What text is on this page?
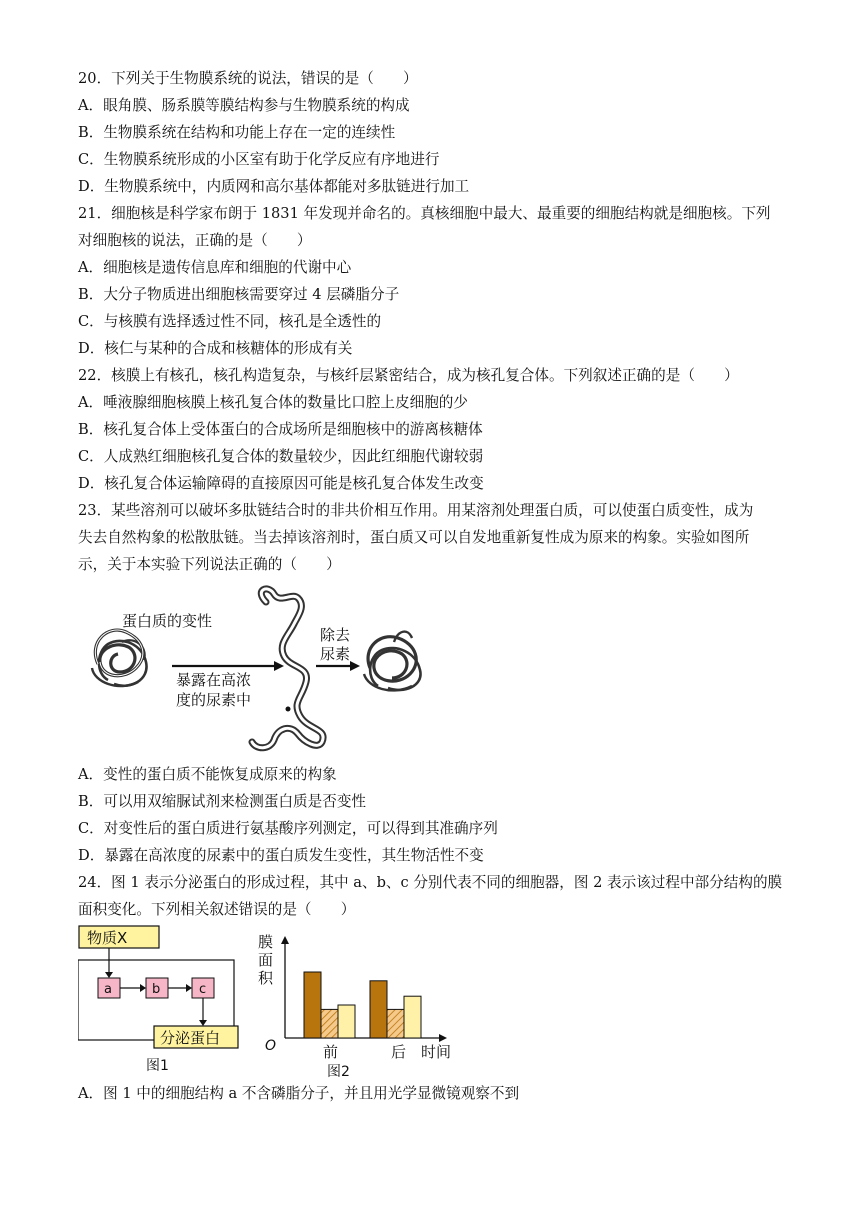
20．下列关于生物膜系统的说法，错误的是（　　）
A．眼角膜、肠系膜等膜结构参与生物膜系统的构成
B．生物膜系统在结构和功能上存在一定的连续性
C．生物膜系统形成的小区室有助于化学反应有序地进行
D．生物膜系统中，内质网和高尔基体都能对多肽链进行加工
21．细胞核是科学家布朗于 1831 年发现并命名的。真核细胞中最大、最重要的细胞结构就是细胞核。下列
对细胞核的说法，正确的是（　　）
A．细胞核是遗传信息库和细胞的代谢中心
B．大分子物质进出细胞核需要穿过 4 层磷脂分子
C．与核膜有选择透过性不同，核孔是全透性的
D．核仁与某种的合成和核糖体的形成有关
22．核膜上有核孔，核孔构造复杂，与核纤层紧密结合，成为核孔复合体。下列叙述正确的是（　　）
A．唾液腺细胞核膜上核孔复合体的数量比口腔上皮细胞的少
B．核孔复合体上受体蛋白的合成场所是细胞核中的游离核糖体
C．人成熟红细胞核孔复合体的数量较少，因此红细胞代谢较弱
D．核孔复合体运输障碍的直接原因可能是核孔复合体发生改变
23．某些溶剂可以破坏多肽链结合时的非共价相互作用。用某溶剂处理蛋白质，可以使蛋白质变性，成为
失去自然构象的松散肽链。当去掉该溶剂时，蛋白质又可以自发地重新复性成为原来的构象。实验如图所
示，关于本实验下列说法正确的（　　）
蛋白质的变性
暴露在高浓
度的尿素中
除去
尿素
A．变性的蛋白质不能恢复成原来的构象
B．可以用双缩脲试剂来检测蛋白质是否变性
C．对变性后的蛋白质进行氨基酸序列测定，可以得到其准确序列
D．暴露在高浓度的尿素中的蛋白质发生变性，其生物活性不变
24．图 1 表示分泌蛋白的形成过程，其中 a、b、c 分别代表不同的细胞器，图 2 表示该过程中部分结构的膜
面积变化。下列相关叙述错误的是（　　）
物质X
a	b	c
分泌蛋白
图1
膜
面
积
O	前	后 时间
图2
A．图 1 中的细胞结构 a 不含磷脂分子，并且用光学显微镜观察不到
